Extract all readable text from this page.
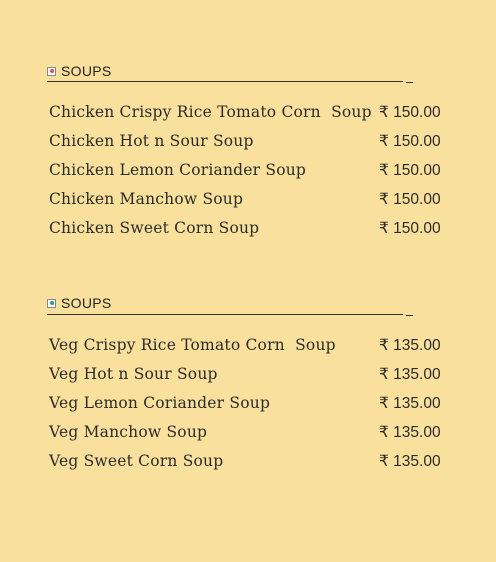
SOUPS
Chicken Crispy Rice Tomato Corn  Soup ₹ 150.00
Chicken Hot n Sour Soup	₹ 150.00
Chicken Lemon Coriander Soup	₹ 150.00
Chicken Manchow Soup	₹ 150.00
Chicken Sweet Corn Soup	₹ 150.00
SOUPS
Veg Crispy Rice Tomato Corn  Soup	₹ 135.00
Veg Hot n Sour Soup	₹ 135.00
Veg Lemon Coriander Soup	₹ 135.00
Veg Manchow Soup	₹ 135.00
Veg Sweet Corn Soup	₹ 135.00
